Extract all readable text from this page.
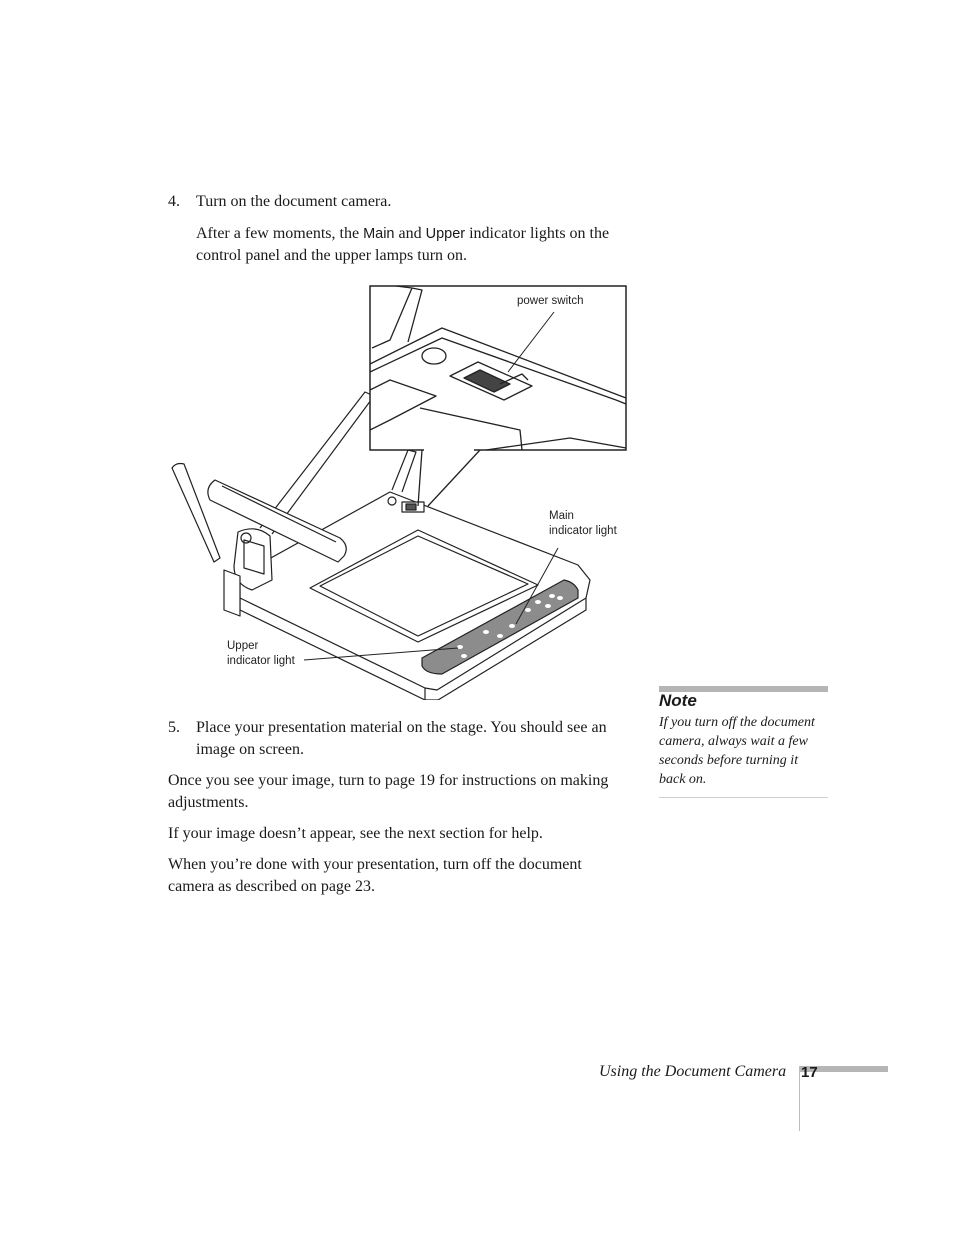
4. Turn on the document camera.
After a few moments, the Main and Upper indicator lights on the control panel and the upper lamps turn on.
power switch
Main
indicator light
Upper
indicator light
5. Place your presentation material on the stage. You should see an image on screen.
Once you see your image, turn to page 19 for instructions on making adjustments.
If your image doesn’t appear, see the next section for help.
When you’re done with your presentation, turn off the document camera as described on page 23.
Note
If you turn off the document camera, always wait a few seconds before turning it back on.
Using the Document Camera 17
